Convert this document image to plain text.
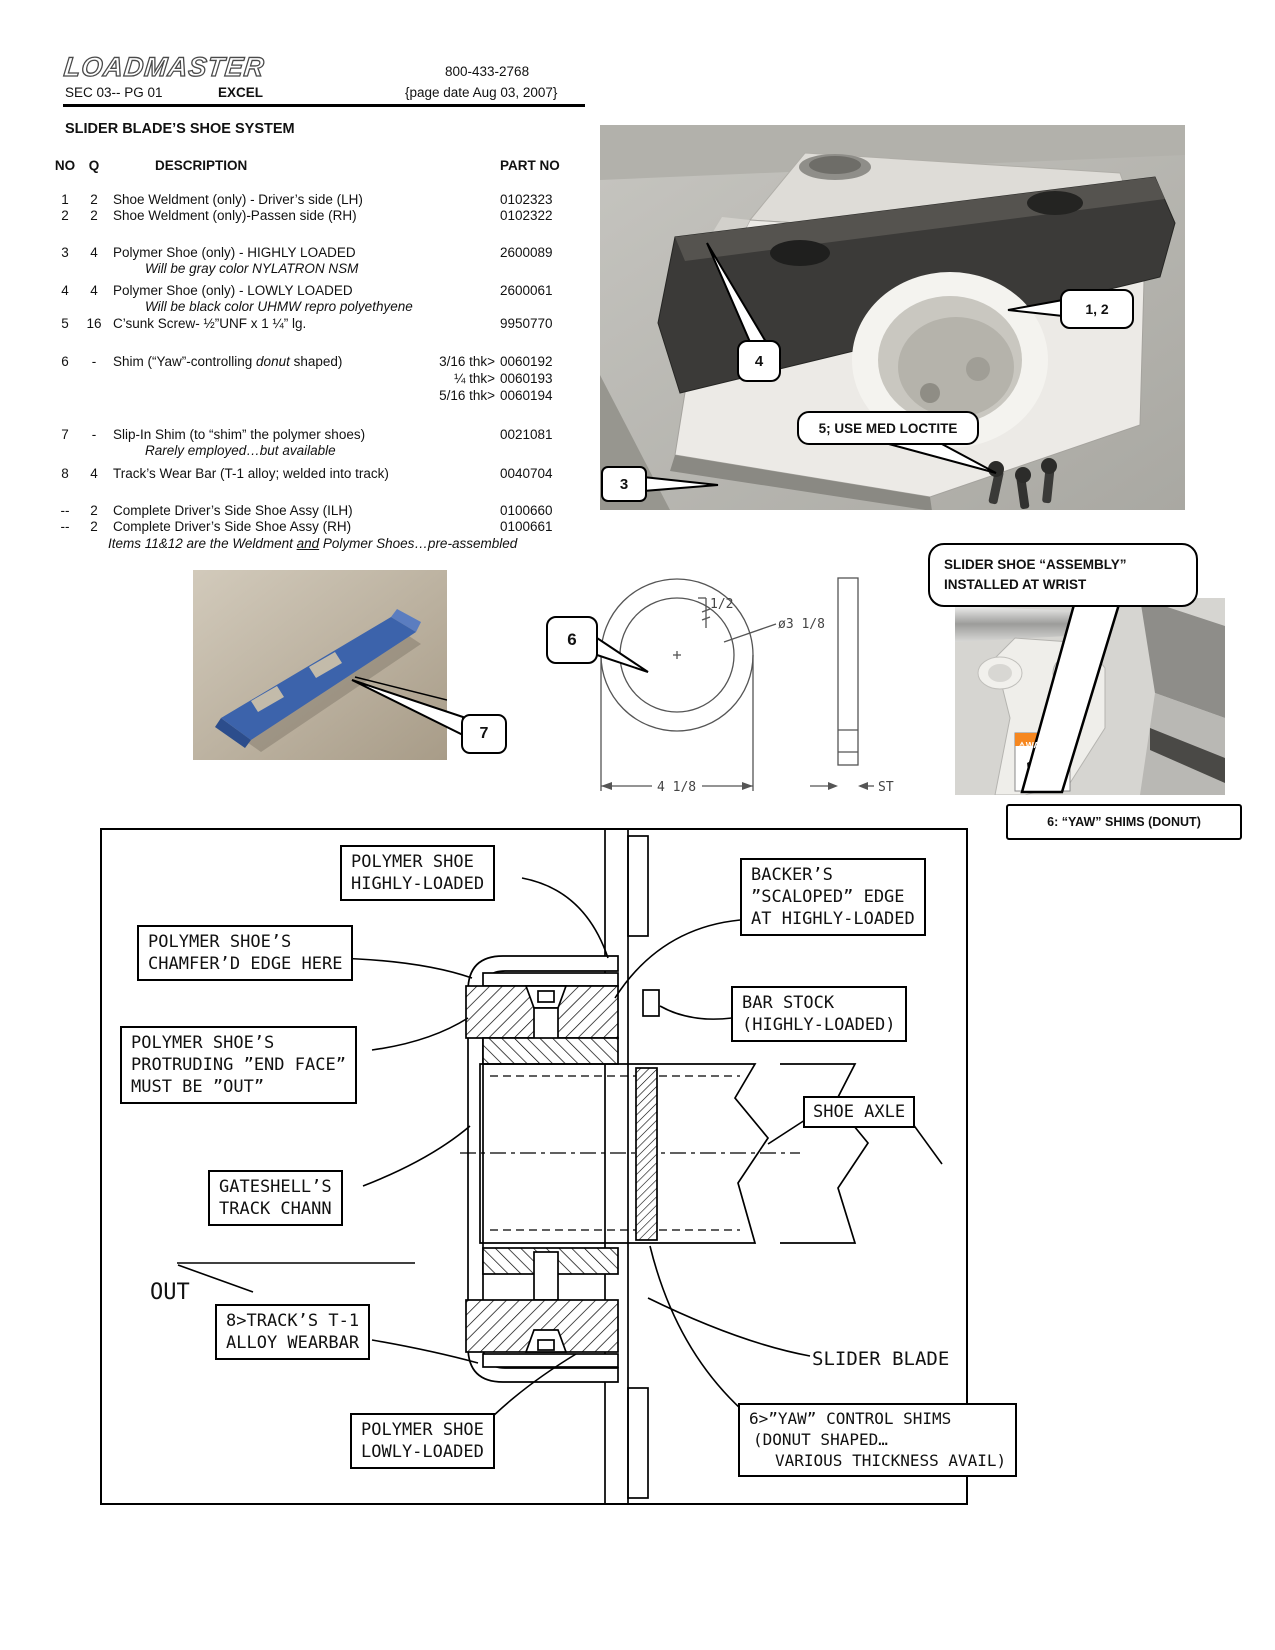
LOADMASTER	800-433-2768
SEC 03-- PG 01	EXCEL	{page date Aug 03, 2007}
SLIDER BLADE’S SHOE SYSTEM
NO	Q	DESCRIPTION	PART NO
1	2	Shoe Weldment (only) - Driver’s side (LH)	0102323
2	2	Shoe Weldment (only)-Passen side (RH)	0102322
3	4	Polymer Shoe (only) - HIGHLY LOADED	2600089
Will be gray color NYLATRON NSM
4	4	Polymer Shoe (only) - LOWLY LOADED	2600061
Will be black color UHMW repro polyethyene
5	16 C’sunk Screw- ½”UNF x 1 ¼” lg.	9950770
6	-	Shim (“Yaw”-controlling donut shaped)	3/16 thk> 0060192
¼ thk> 0060193
5/16 thk> 0060194
7	-	Slip-In Shim (to “shim” the polymer shoes)	0021081
Rarely employed…but available
8	4	Track’s Wear Bar (T-1 alloy; welded into track)	0040704
--	2	Complete Driver’s Side Shoe Assy (ILH)	0100660
--	2	Complete Driver’s Side Shoe Assy (RH)	0100661
Items 11&12 are the Weldment and Polymer Shoes…pre-assembled
4
1, 2
5; USE MED LOCTITE
3
7
1/2
ø3 1/8
4 1/8	ST
6
⚠WARNING
SLIDER SHOE “ASSEMBLY”
INSTALLED AT WRIST
6: “YAW” SHIMS (DONUT)
POLYMER SHOE
HIGHLY-LOADED
POLYMER SHOE’S
CHAMFER’D EDGE HERE
POLYMER SHOE’S
PROTRUDING ”END FACE”
MUST BE ”OUT”
BACKER’S
”SCALOPED” EDGE
AT HIGHLY-LOADED
BAR STOCK
(HIGHLY-LOADED)
GATESHELL’S
TRACK CHANN
OUT
8>TRACK’S T-1
ALLOY WEARBAR
POLYMER SHOE
LOWLY-LOADED
SHOE AXLE
SLIDER BLADE
6>”YAW” CONTROL SHIMS
(DONUT SHAPED…
VARIOUS THICKNESS AVAIL)
